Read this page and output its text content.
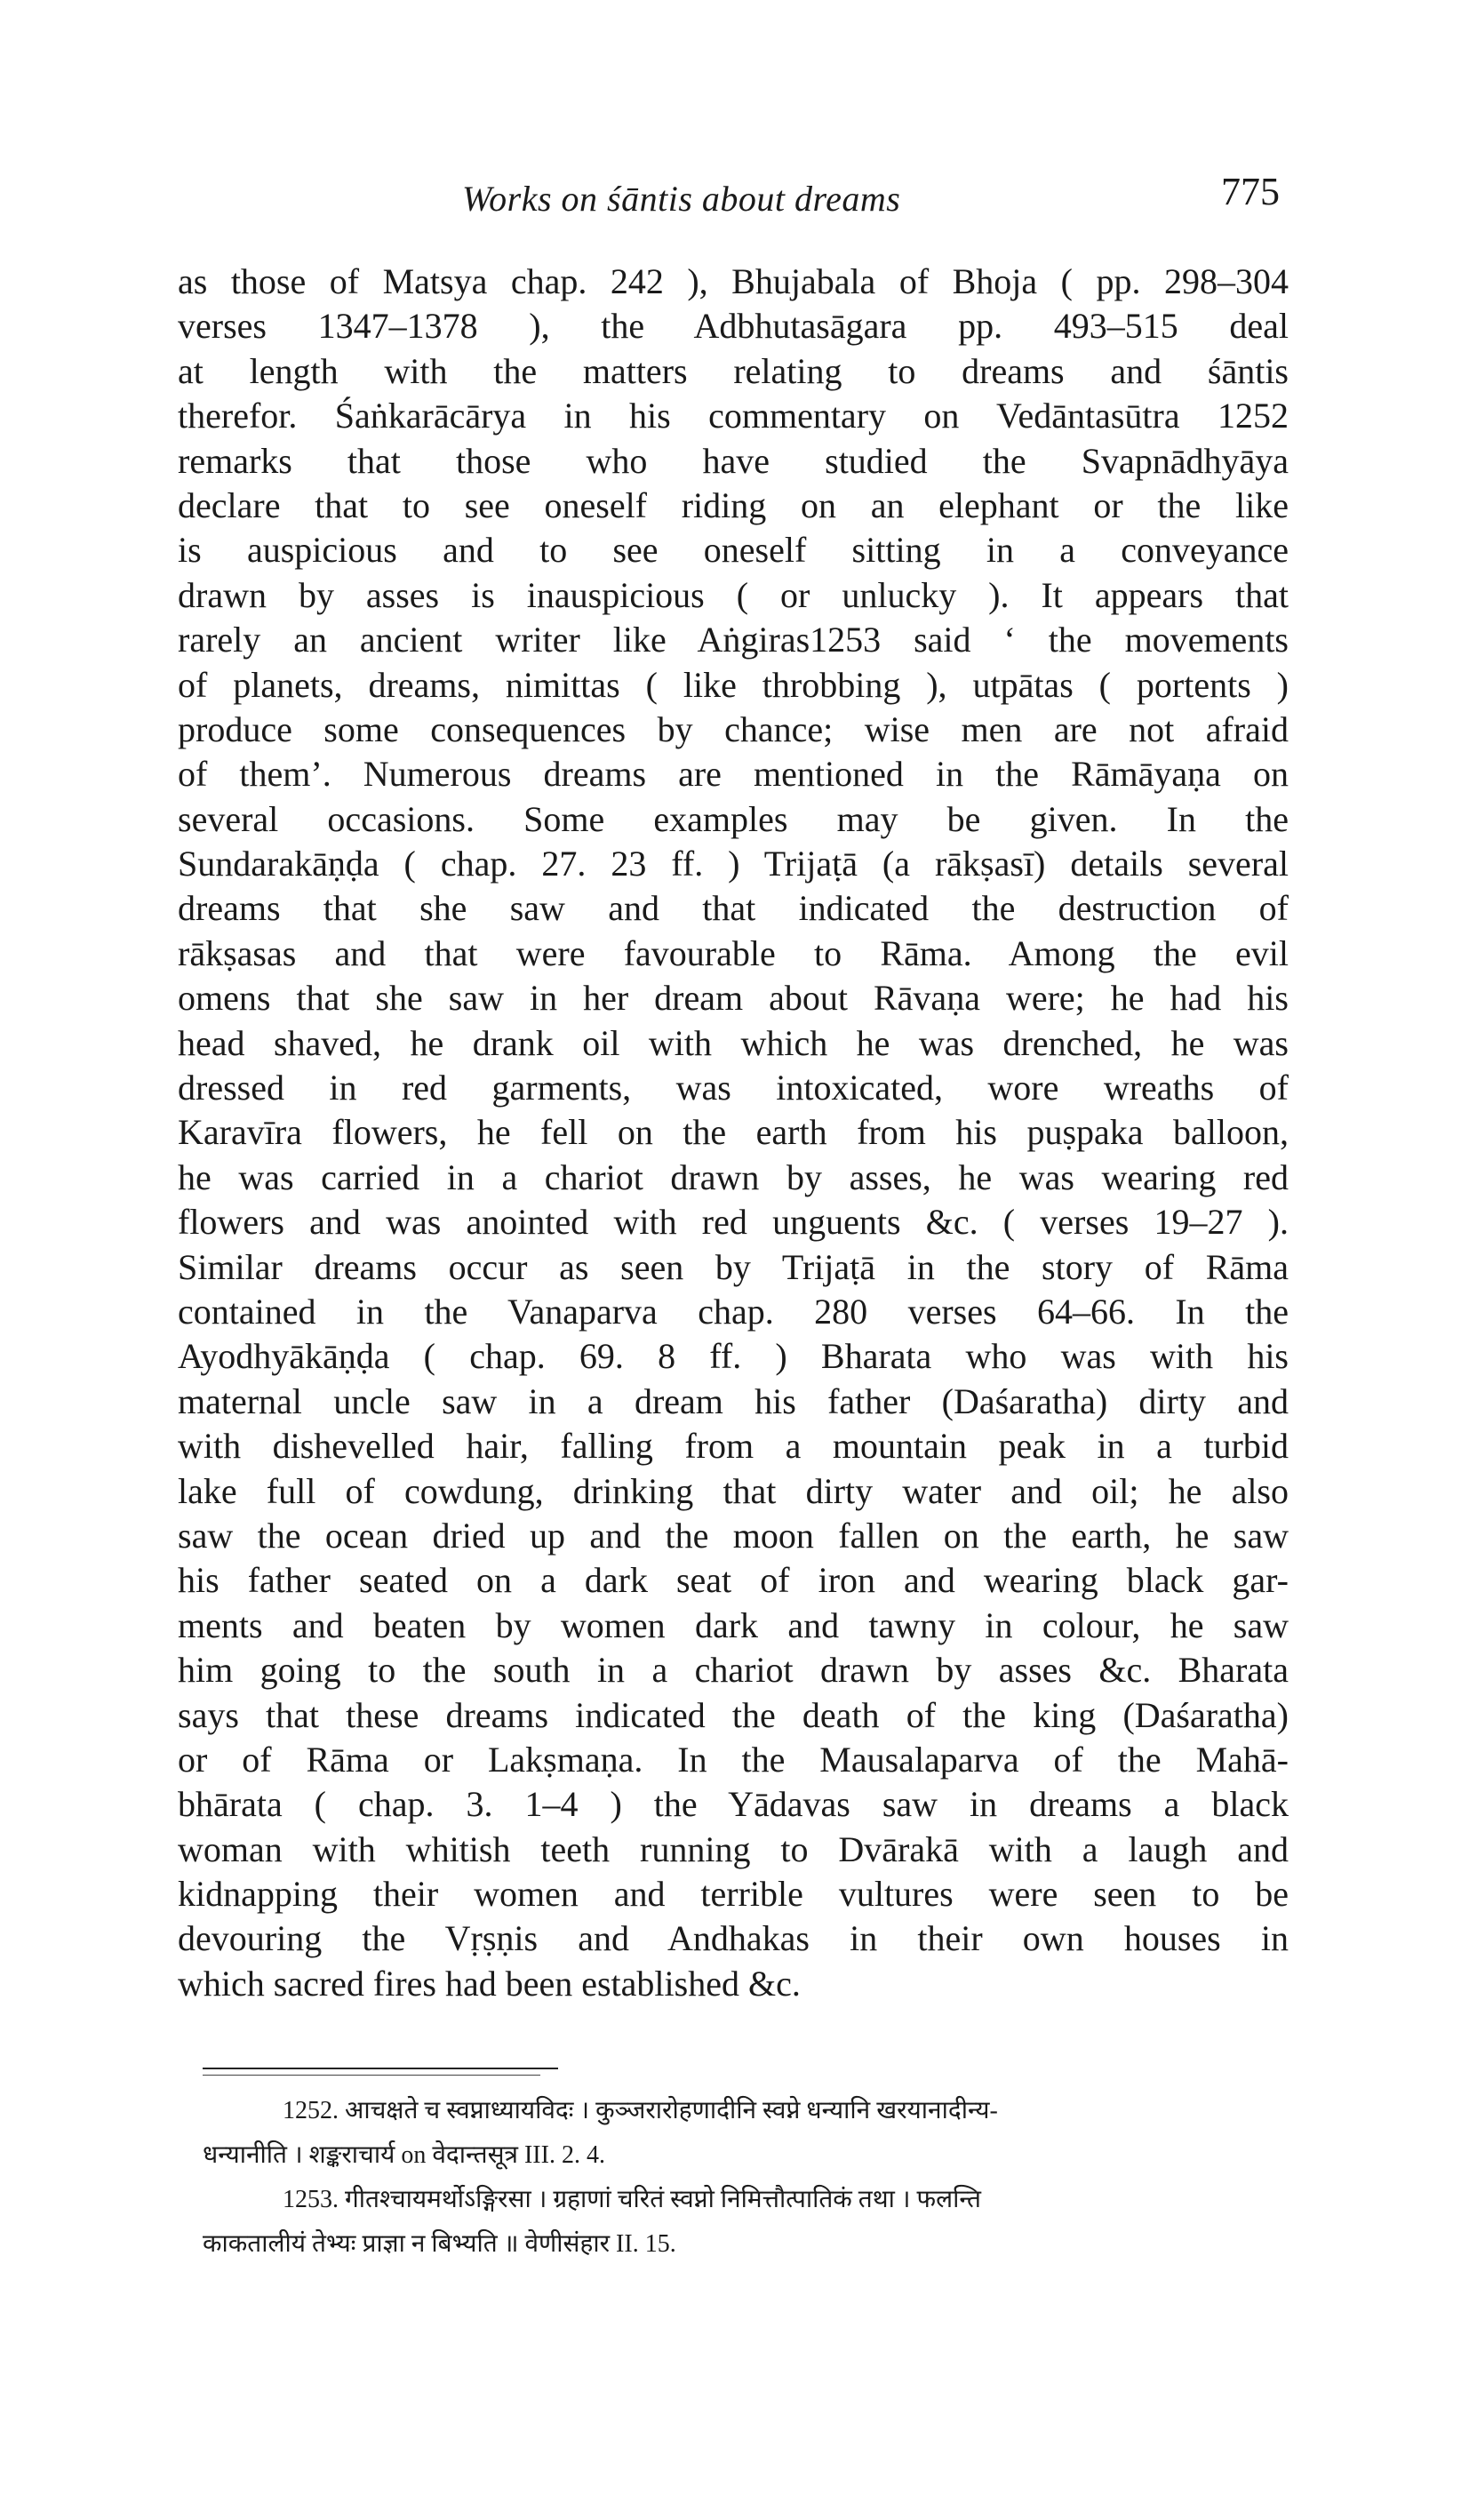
Works on śāntis about dreams	775
as those of Matsya chap. 242 ), Bhujabala of Bhoja ( pp. 298–304
verses 1347–1378 ), the Adbhutasāgara pp. 493–515 deal
at length with the matters relating to dreams and śāntis
therefor. Śaṅkarācārya in his commentary on Vedāntasūtra 1252
remarks that those who have studied the Svapnādhyāya
declare that to see oneself riding on an elephant or the like
is auspicious and to see oneself sitting in a conveyance
drawn by asses is inauspicious ( or unlucky ). It appears that
rarely an ancient writer like Aṅgiras1253 said ‘ the movements
of planets, dreams, nimittas ( like throbbing ), utpātas ( portents )
produce some consequences by chance; wise men are not afraid
of them’. Numerous dreams are mentioned in the Rāmāyaṇa on
several occasions. Some examples may be given. In the
Sundarakāṇḍa ( chap. 27. 23 ff. ) Trijaṭā (a rākṣasī) details several
dreams that she saw and that indicated the destruction of
rākṣasas and that were favourable to Rāma. Among the evil
omens that she saw in her dream about Rāvaṇa were; he had his
head shaved, he drank oil with which he was drenched, he was
dressed in red garments, was intoxicated, wore wreaths of
Karavīra flowers, he fell on the earth from his puṣpaka balloon,
he was carried in a chariot drawn by asses, he was wearing red
flowers and was anointed with red unguents &c. ( verses 19–27 ).
Similar dreams occur as seen by Trijaṭā in the story of Rāma
contained in the Vanaparva chap. 280 verses 64–66. In the
Ayodhyākāṇḍa ( chap. 69. 8 ff. ) Bharata who was with his
maternal uncle saw in a dream his father (Daśaratha) dirty and
with dishevelled hair, falling from a mountain peak in a turbid
lake full of cowdung, drinking that dirty water and oil; he also
saw the ocean dried up and the moon fallen on the earth, he saw
his father seated on a dark seat of iron and wearing black gar-
ments and beaten by women dark and tawny in colour, he saw
him going to the south in a chariot drawn by asses &c. Bharata
says that these dreams indicated the death of the king (Daśaratha)
or of Rāma or Lakṣmaṇa. In the Mausalaparva of the Mahā-
bhārata ( chap. 3. 1–4 ) the Yādavas saw in dreams a black
woman with whitish teeth running to Dvārakā with a laugh and
kidnapping their women and terrible vultures were seen to be
devouring the Vṛṣṇis and Andhakas in their own houses in
which sacred fires had been established &c.
1252. आचक्षते च स्वप्नाध्यायविदः । कुञ्जरारोहणादीनि स्वप्ने धन्यानि खरयानादीन्य-
धन्यानीति । शङ्कराचार्य on वेदान्तसूत्र III. 2. 4.
1253. गीतश्चायमर्थोऽङ्गिरसा । ग्रहाणां चरितं स्वप्नो निमित्तौत्पातिकं तथा । फलन्ति
काकतालीयं तेभ्यः प्राज्ञा न बिभ्यति ॥ वेणीसंहार II. 15.
